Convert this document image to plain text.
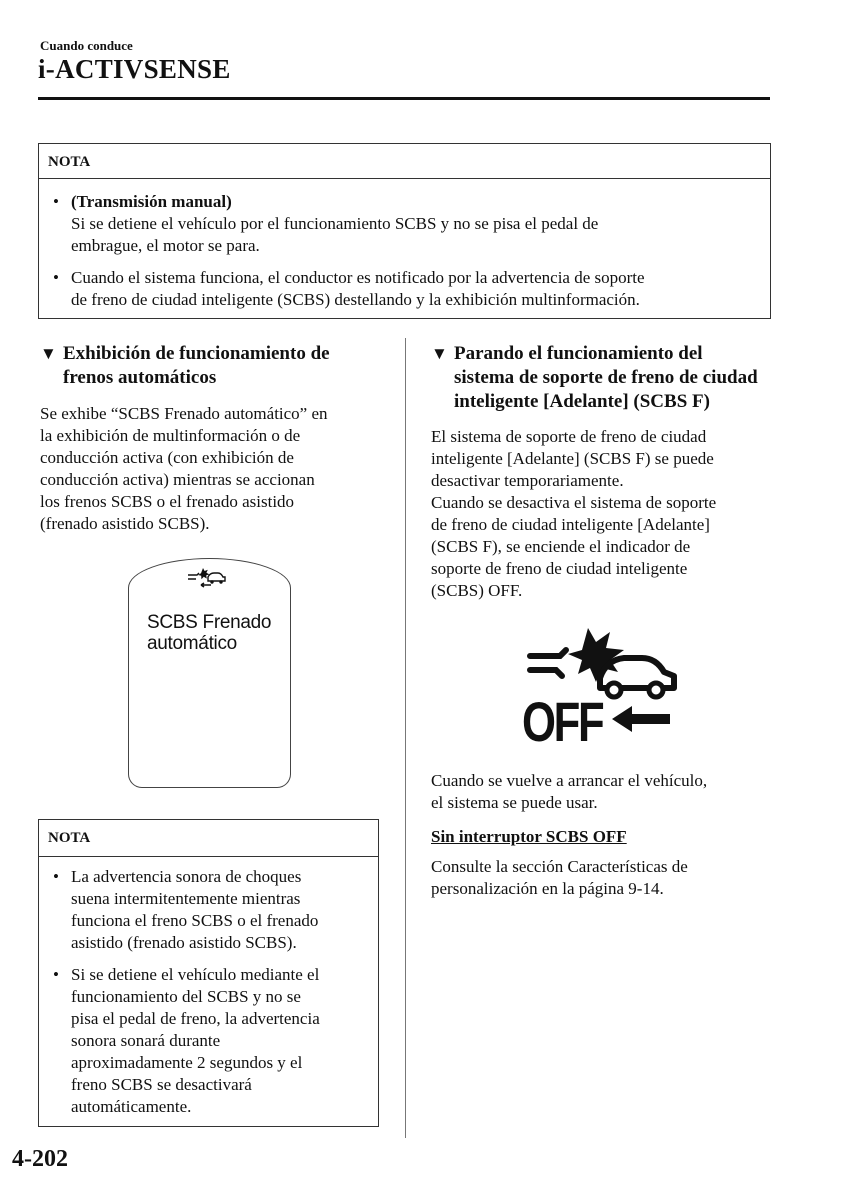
Cuando conduce
i-ACTIVSENSE
NOTA
• (Transmisión manual)
Si se detiene el vehículo por el funcionamiento SCBS y no se pisa el pedal de
embrague, el motor se para.
• Cuando el sistema funciona, el conductor es notificado por la advertencia de soporte
de freno de ciudad inteligente (SCBS) destellando y la exhibición multinformación.
▼ Exhibición de funcionamiento de
frenos automáticos
Se exhibe “SCBS Frenado automático” en
la exhibición de multinformación o de
conducción activa (con exhibición de
conducción activa) mientras se accionan
los frenos SCBS o el frenado asistido
(frenado asistido SCBS).
SCBS Frenado
automático
NOTA
• La advertencia sonora de choques
suena intermitentemente mientras
funciona el freno SCBS o el frenado
asistido (frenado asistido SCBS).
• Si se detiene el vehículo mediante el
funcionamiento del SCBS y no se
pisa el pedal de freno, la advertencia
sonora sonará durante
aproximadamente 2 segundos y el
freno SCBS se desactivará
automáticamente.
▼ Parando el funcionamiento del
sistema de soporte de freno de ciudad
inteligente [Adelante] (SCBS F)
El sistema de soporte de freno de ciudad
inteligente [Adelante] (SCBS F) se puede
desactivar temporariamente.
Cuando se desactiva el sistema de soporte
de freno de ciudad inteligente [Adelante]
(SCBS F), se enciende el indicador de
soporte de freno de ciudad inteligente
(SCBS) OFF.
OFF
Cuando se vuelve a arrancar el vehículo,
el sistema se puede usar.
Sin interruptor SCBS OFF
Consulte la sección Características de
personalización en la página 9-14.
4-202
